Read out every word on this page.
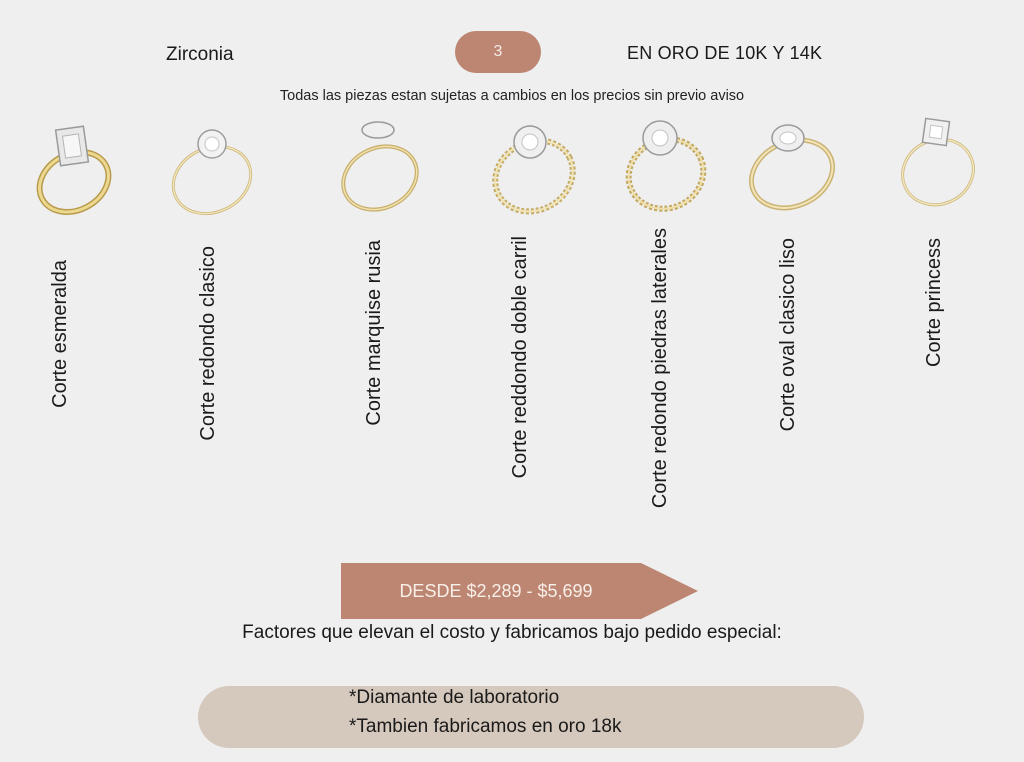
Zirconia	3	EN ORO DE 10K Y 14K
Todas las piezas estan sujetas a cambios en los precios sin previo aviso
Corte esmeralda	Corte redondo clasico	Corte marquise rusia	Corte reddondo doble carril	Corte redondo piedras laterales	Corte oval clasico liso	Corte princess
DESDE $2,289 - $5,699
Factores que elevan el costo y fabricamos bajo pedido especial:
*Diamante de laboratorio
*Tambien fabricamos en oro 18k
